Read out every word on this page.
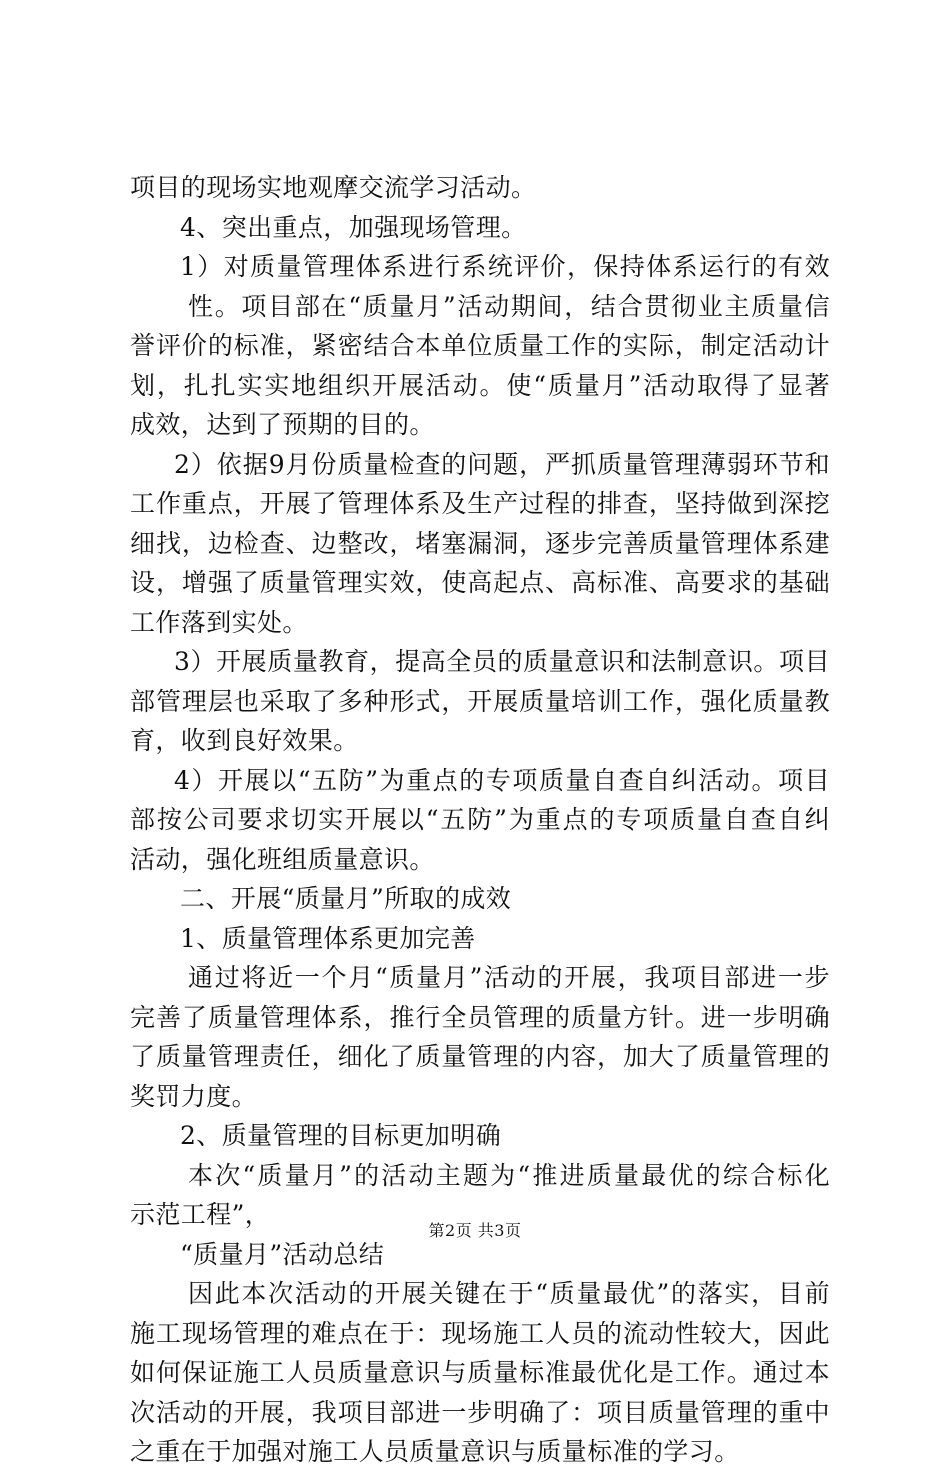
项目的现场实地观摩交流学习活动。
4、突出重点，加强现场管理。
1）对质量管理体系进行系统评价，保持体系运行的有效
性。项目部在“质量月”活动期间，结合贯彻业主质量信
誉评价的标准，紧密结合本单位质量工作的实际，制定活动计
划，扎扎实实地组织开展活动。使“质量月”活动取得了显著
成效，达到了预期的目的。
2）依据9月份质量检查的问题，严抓质量管理薄弱环节和
工作重点，开展了管理体系及生产过程的排查，坚持做到深挖
细找，边检查、边整改，堵塞漏洞，逐步完善质量管理体系建
设，增强了质量管理实效，使高起点、高标准、高要求的基础
工作落到实处。
3）开展质量教育，提高全员的质量意识和法制意识。项目
部管理层也采取了多种形式，开展质量培训工作，强化质量教
育，收到良好效果。
4）开展以“五防”为重点的专项质量自查自纠活动。项目
部按公司要求切实开展以“五防”为重点的专项质量自查自纠
活动，强化班组质量意识。
二、开展“质量月”所取的成效
1、质量管理体系更加完善
通过将近一个月“质量月”活动的开展，我项目部进一步
完善了质量管理体系，推行全员管理的质量方针。进一步明确
了质量管理责任，细化了质量管理的内容，加大了质量管理的
奖罚力度。
2、质量管理的目标更加明确
本次“质量月”的活动主题为“推进质量最优的综合标化
示范工程”，
“质量月”活动总结
因此本次活动的开展关键在于“质量最优”的落实，目前
施工现场管理的难点在于：现场施工人员的流动性较大，因此
如何保证施工人员质量意识与质量标准最优化是工作。通过本
次活动的开展，我项目部进一步明确了：项目质量管理的重中
之重在于加强对施工人员质量意识与质量标准的学习。
第2页 共3页
